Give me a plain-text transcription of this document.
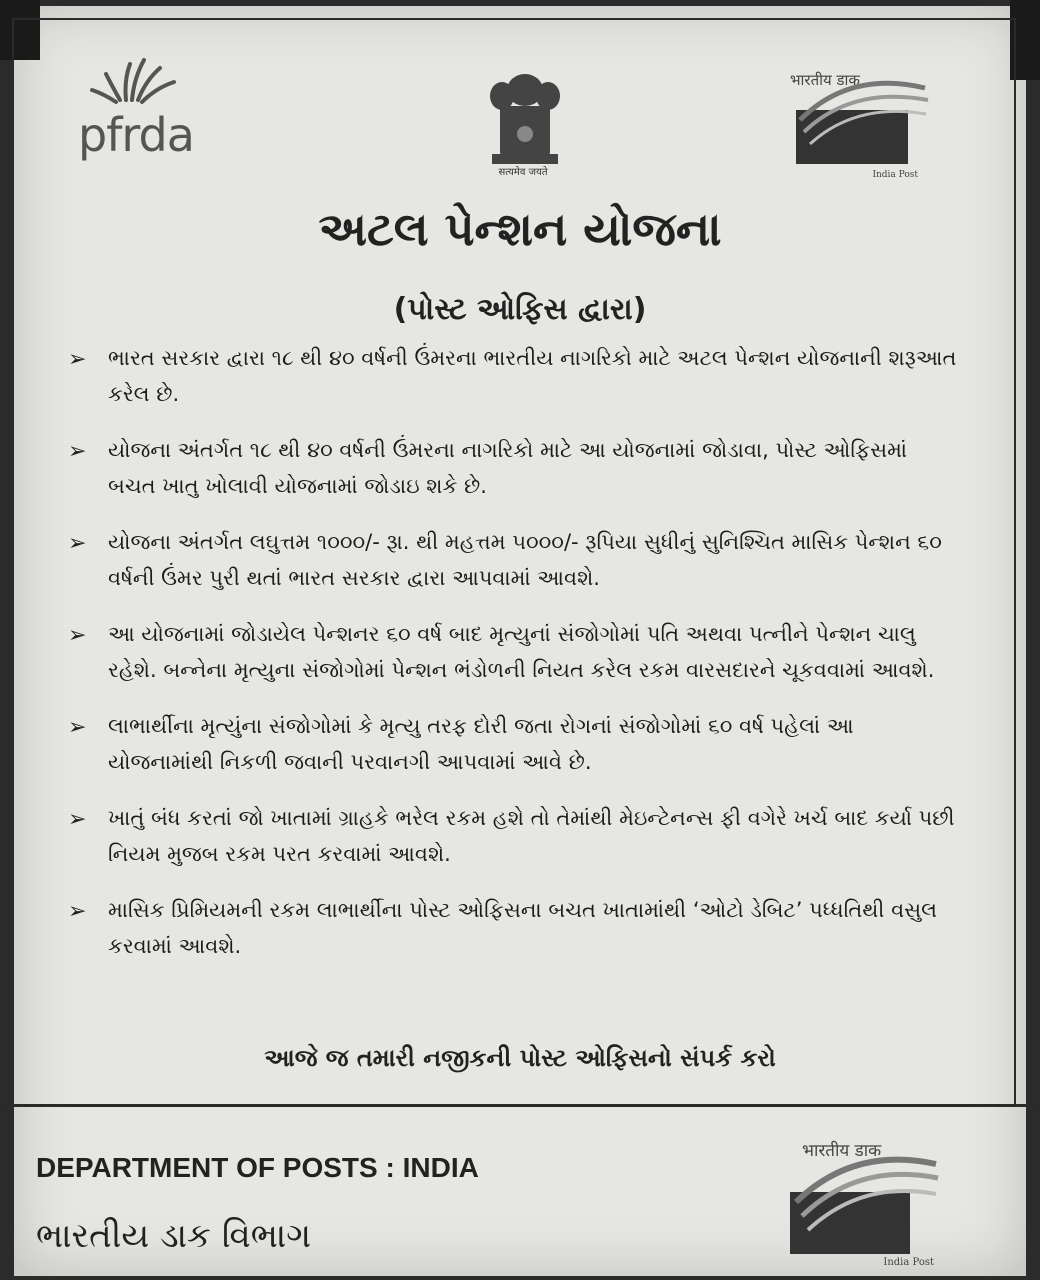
pfrda
सत्यमेव जयते
भारतीय डाक
India Post
અટલ પેન્શન યોજના
(પોસ્ટ ઓફિસ દ્વારા)
➢ ભારત સરકાર દ્વારા ૧૮ થી ૪૦ વર્ષની ઉંમરના ભારતીય નાગરિકો માટે અટલ પેન્શન યોજનાની શરૂઆત કરેલ છે.
➢ યોજના અંતર્ગત ૧૮ થી ૪૦ વર્ષની ઉંમરના નાગરિકો માટે આ યોજનામાં જોડાવા, પોસ્ટ ઓફિસમાં બચત ખાતુ ખોલાવી યોજનામાં જોડાઇ શકે છે.
➢ યોજના અંતર્ગત લઘુત્તમ ૧૦૦૦/- રૂા. થી મહત્તમ ૫૦૦૦/- રૂપિયા સુધીનું સુનિશ્ચિત માસિક પેન્શન ૬૦ વર્ષની ઉંમર પુરી થતાં ભારત સરકાર દ્વારા આપવામાં આવશે.
➢ આ યોજનામાં જોડાયેલ પેન્શનર ૬૦ વર્ષ બાદ મૃત્યુનાં સંજોગોમાં પતિ અથવા પત્નીને પેન્શન ચાલુ રહેશે. બન્નેના મૃત્યુના સંજોગોમાં પેન્શન ભંડોળની નિયત કરેલ રકમ વારસદારને ચૂકવવામાં આવશે.
➢ લાભાર્થીના મૃત્યુંના સંજોગોમાં કે મૃત્યુ તરફ દોરી જતા રોગનાં સંજોગોમાં ૬૦ વર્ષ પહેલાં આ યોજનામાંથી નિકળી જવાની પરવાનગી આપવામાં આવે છે.
➢ ખાતું બંધ કરતાં જો ખાતામાં ગ્રાહકે ભરેલ રકમ હશે તો તેમાંથી મેઇન્ટેનન્સ ફી વગેરે ખર્ચ બાદ કર્યા પછી નિયમ મુજબ રકમ પરત કરવામાં આવશે.
➢ માસિક પ્રિમિયમની રકમ લાભાર્થીના પોસ્ટ ઓફિસના બચત ખાતામાંથી ‘ઓટો ડેબિટ’ પધ્ધતિથી વસુલ કરવામાં આવશે.
આજે જ તમારી નજીકની પોસ્ટ ઓફિસનો સંપર્ક કરો
DEPARTMENT OF POSTS : INDIA
ભારતીય ડાક વિભાગ
भारतीय डाक
India Post
